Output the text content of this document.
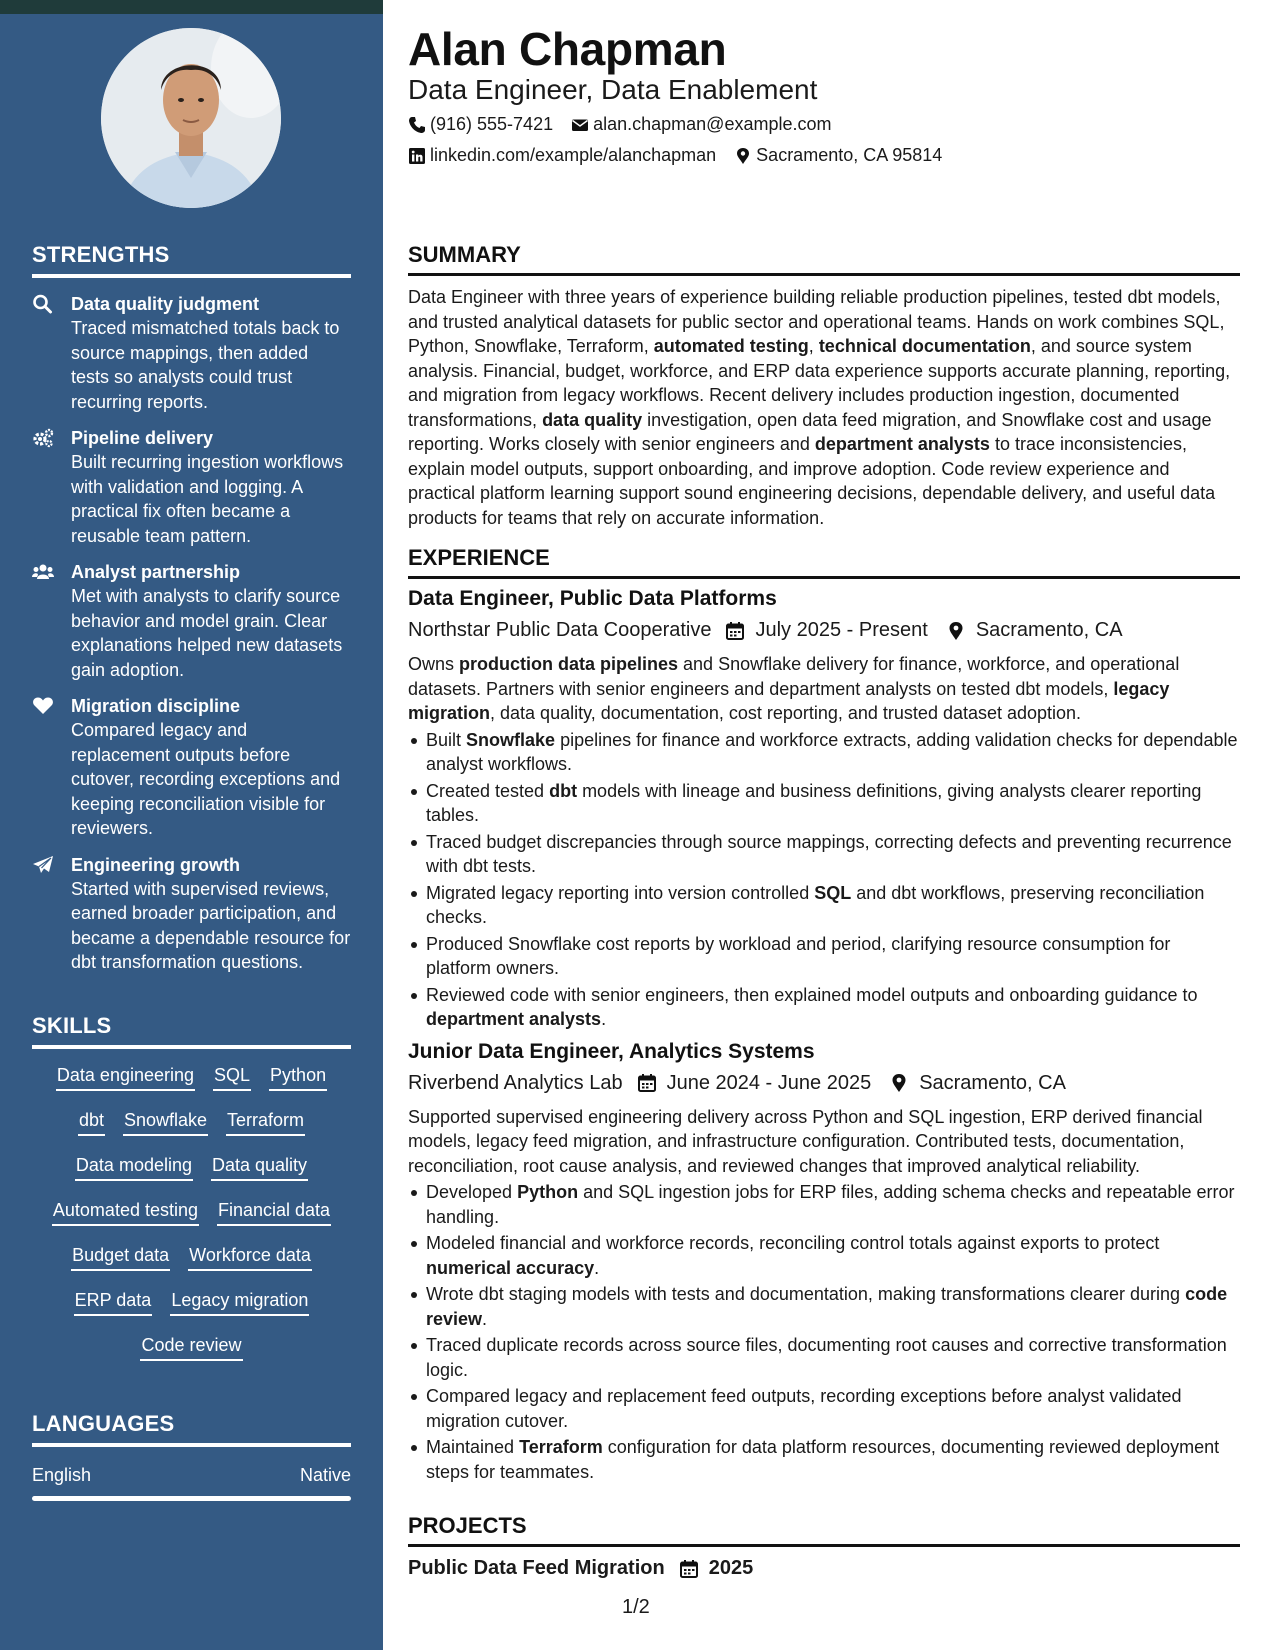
STRENGTHS
Data quality judgment
Traced mismatched totals back to source mappings, then added tests so analysts could trust recurring reports.
Pipeline delivery
Built recurring ingestion workflows with validation and logging. A practical fix often became a reusable team pattern.
Analyst partnership
Met with analysts to clarify source behavior and model grain. Clear explanations helped new datasets gain adoption.
Migration discipline
Compared legacy and replacement outputs before cutover, recording exceptions and keeping reconciliation visible for reviewers.
Engineering growth
Started with supervised reviews, earned broader participation, and became a dependable resource for dbt transformation questions.
SKILLS
Data engineering SQL Python
dbt Snowflake Terraform
Data modeling Data quality
Automated testing Financial data
Budget data Workforce data
ERP data Legacy migration
Code review
LANGUAGES
English	Native
Alan Chapman
Data Engineer, Data Enablement
(916) 555-7421 alan.chapman@example.com
linkedin.com/example/alanchapman Sacramento, CA 95814
SUMMARY
Data Engineer with three years of experience building reliable production pipelines, tested dbt models, and trusted analytical datasets for public sector and operational teams. Hands on work combines SQL, Python, Snowflake, Terraform, automated testing, technical documentation, and source system analysis. Financial, budget, workforce, and ERP data experience supports accurate planning, reporting, and migration from legacy workflows. Recent delivery includes production ingestion, documented transformations, data quality investigation, open data feed migration, and Snowflake cost and usage reporting. Works closely with senior engineers and department analysts to trace inconsistencies, explain model outputs, support onboarding, and improve adoption. Code review experience and practical platform learning support sound engineering decisions, dependable delivery, and useful data products for teams that rely on accurate information.
EXPERIENCE
Data Engineer, Public Data Platforms
Northstar Public Data Cooperative July 2025 - Present Sacramento, CA
Owns production data pipelines and Snowflake delivery for finance, workforce, and operational datasets. Partners with senior engineers and department analysts on tested dbt models, legacy migration, data quality, documentation, cost reporting, and trusted dataset adoption.
Built Snowflake pipelines for finance and workforce extracts, adding validation checks for dependable analyst workflows.
Created tested dbt models with lineage and business definitions, giving analysts clearer reporting tables.
Traced budget discrepancies through source mappings, correcting defects and preventing recurrence with dbt tests.
Migrated legacy reporting into version controlled SQL and dbt workflows, preserving reconciliation checks.
Produced Snowflake cost reports by workload and period, clarifying resource consumption for platform owners.
Reviewed code with senior engineers, then explained model outputs and onboarding guidance to department analysts.
Junior Data Engineer, Analytics Systems
Riverbend Analytics Lab June 2024 - June 2025 Sacramento, CA
Supported supervised engineering delivery across Python and SQL ingestion, ERP derived financial models, legacy feed migration, and infrastructure configuration. Contributed tests, documentation, reconciliation, root cause analysis, and reviewed changes that improved analytical reliability.
Developed Python and SQL ingestion jobs for ERP files, adding schema checks and repeatable error handling.
Modeled financial and workforce records, reconciling control totals against exports to protect numerical accuracy.
Wrote dbt staging models with tests and documentation, making transformations clearer during code review.
Traced duplicate records across source files, documenting root causes and corrective transformation logic.
Compared legacy and replacement feed outputs, recording exceptions before analyst validated migration cutover.
Maintained Terraform configuration for data platform resources, documenting reviewed deployment steps for teammates.
PROJECTS
Public Data Feed Migration 2025
1/2
